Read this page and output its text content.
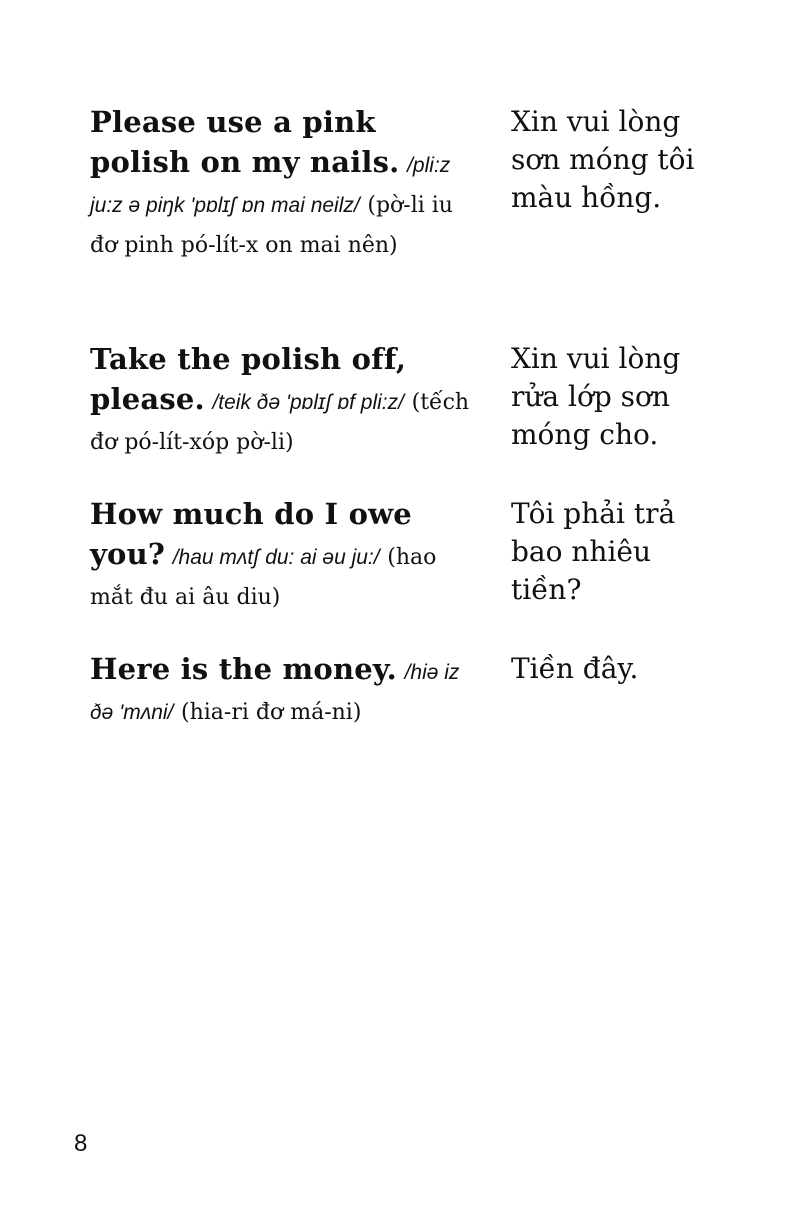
Please use a pink polish on my nails. /pli:z ju:z ə piŋk 'pɒlɪʃ ɒn mai neilz/ (pờ-li iu đơ pinh pó-lít-x on mai nên)
Xin vui lòng sơn móng tôi màu hồng.
Take the polish off, please. /teik ðə 'pɒlɪʃ ɒf pli:z/ (tếch đơ pó-lít-xóp pờ-li)
Xin vui lòng rửa lớp sơn móng cho.
How much do I owe you? /hau mʌtʃ du: ai əu ju:/ (hao mắt đu ai âu diu)
Tôi phải trả bao nhiêu tiền?
Here is the money. /hiə iz ðə 'mʌni/ (hia-ri đơ má-ni)
Tiền đây.
8
